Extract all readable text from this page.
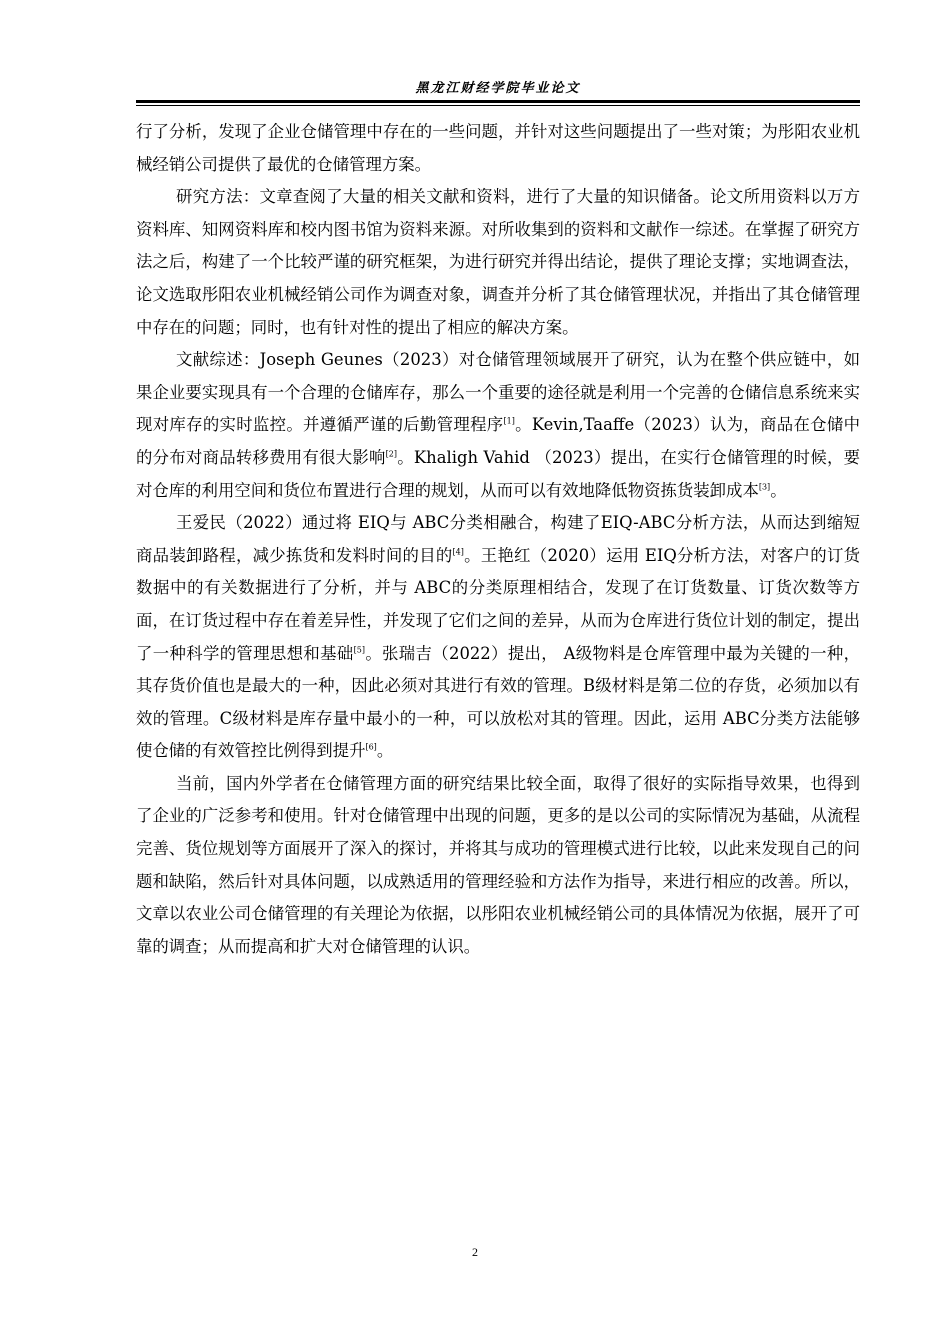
黑龙江财经学院毕业论文

行了分析，发现了企业仓储管理中存在的一些问题，并针对这些问题提出了一些对策；为彤阳农业机械经销公司提供了最优的仓储管理方案。

研究方法：文章查阅了大量的相关文献和资料，进行了大量的知识储备。论文所用资料以万方资料库、知网资料库和校内图书馆为资料来源。对所收集到的资料和文献作一综述。在掌握了研究方法之后，构建了一个比较严谨的研究框架，为进行研究并得出结论，提供了理论支撑；实地调查法，论文选取彤阳农业机械经销公司作为调查对象，调查并分析了其仓储管理状况，并指出了其仓储管理中存在的问题；同时，也有针对性的提出了相应的解决方案。

文献综述：Joseph Geunes（2023）对仓储管理领域展开了研究，认为在整个供应链中，如果企业要实现具有一个合理的仓储库存，那么一个重要的途径就是利用一个完善的仓储信息系统来实现对库存的实时监控。并遵循严谨的后勤管理程序[1]。Kevin,Taaffe（2023）认为，商品在仓储中的分布对商品转移费用有很大影响[2]。Khaligh Vahid （2023）提出，在实行仓储管理的时候，要对仓库的利用空间和货位布置进行合理的规划，从而可以有效地降低物资拣货装卸成本[3]。

王爱民（2022）通过将 EIQ与 ABC分类相融合，构建了EIQ-ABC分析方法，从而达到缩短商品装卸路程，减少拣货和发料时间的目的[4]。王艳红（2020）运用 EIQ分析方法，对客户的订货数据中的有关数据进行了分析，并与 ABC的分类原理相结合，发现了在订货数量、订货次数等方面，在订货过程中存在着差异性，并发现了它们之间的差异，从而为仓库进行货位计划的制定，提出了一种科学的管理思想和基础[5]。张瑞吉（2022）提出， A级物料是仓库管理中最为关键的一种，其存货价值也是最大的一种，因此必须对其进行有效的管理。B级材料是第二位的存货，必须加以有效的管理。C级材料是库存量中最小的一种，可以放松对其的管理。因此，运用 ABC分类方法能够使仓储的有效管控比例得到提升[6]。

当前，国内外学者在仓储管理方面的研究结果比较全面，取得了很好的实际指导效果，也得到了企业的广泛参考和使用。针对仓储管理中出现的问题，更多的是以公司的实际情况为基础，从流程完善、货位规划等方面展开了深入的探讨，并将其与成功的管理模式进行比较，以此来发现自己的问题和缺陷，然后针对具体问题，以成熟适用的管理经验和方法作为指导，来进行相应的改善。所以，文章以农业公司仓储管理的有关理论为依据，以彤阳农业机械经销公司的具体情况为依据，展开了可靠的调查；从而提高和扩大对仓储管理的认识。

2
